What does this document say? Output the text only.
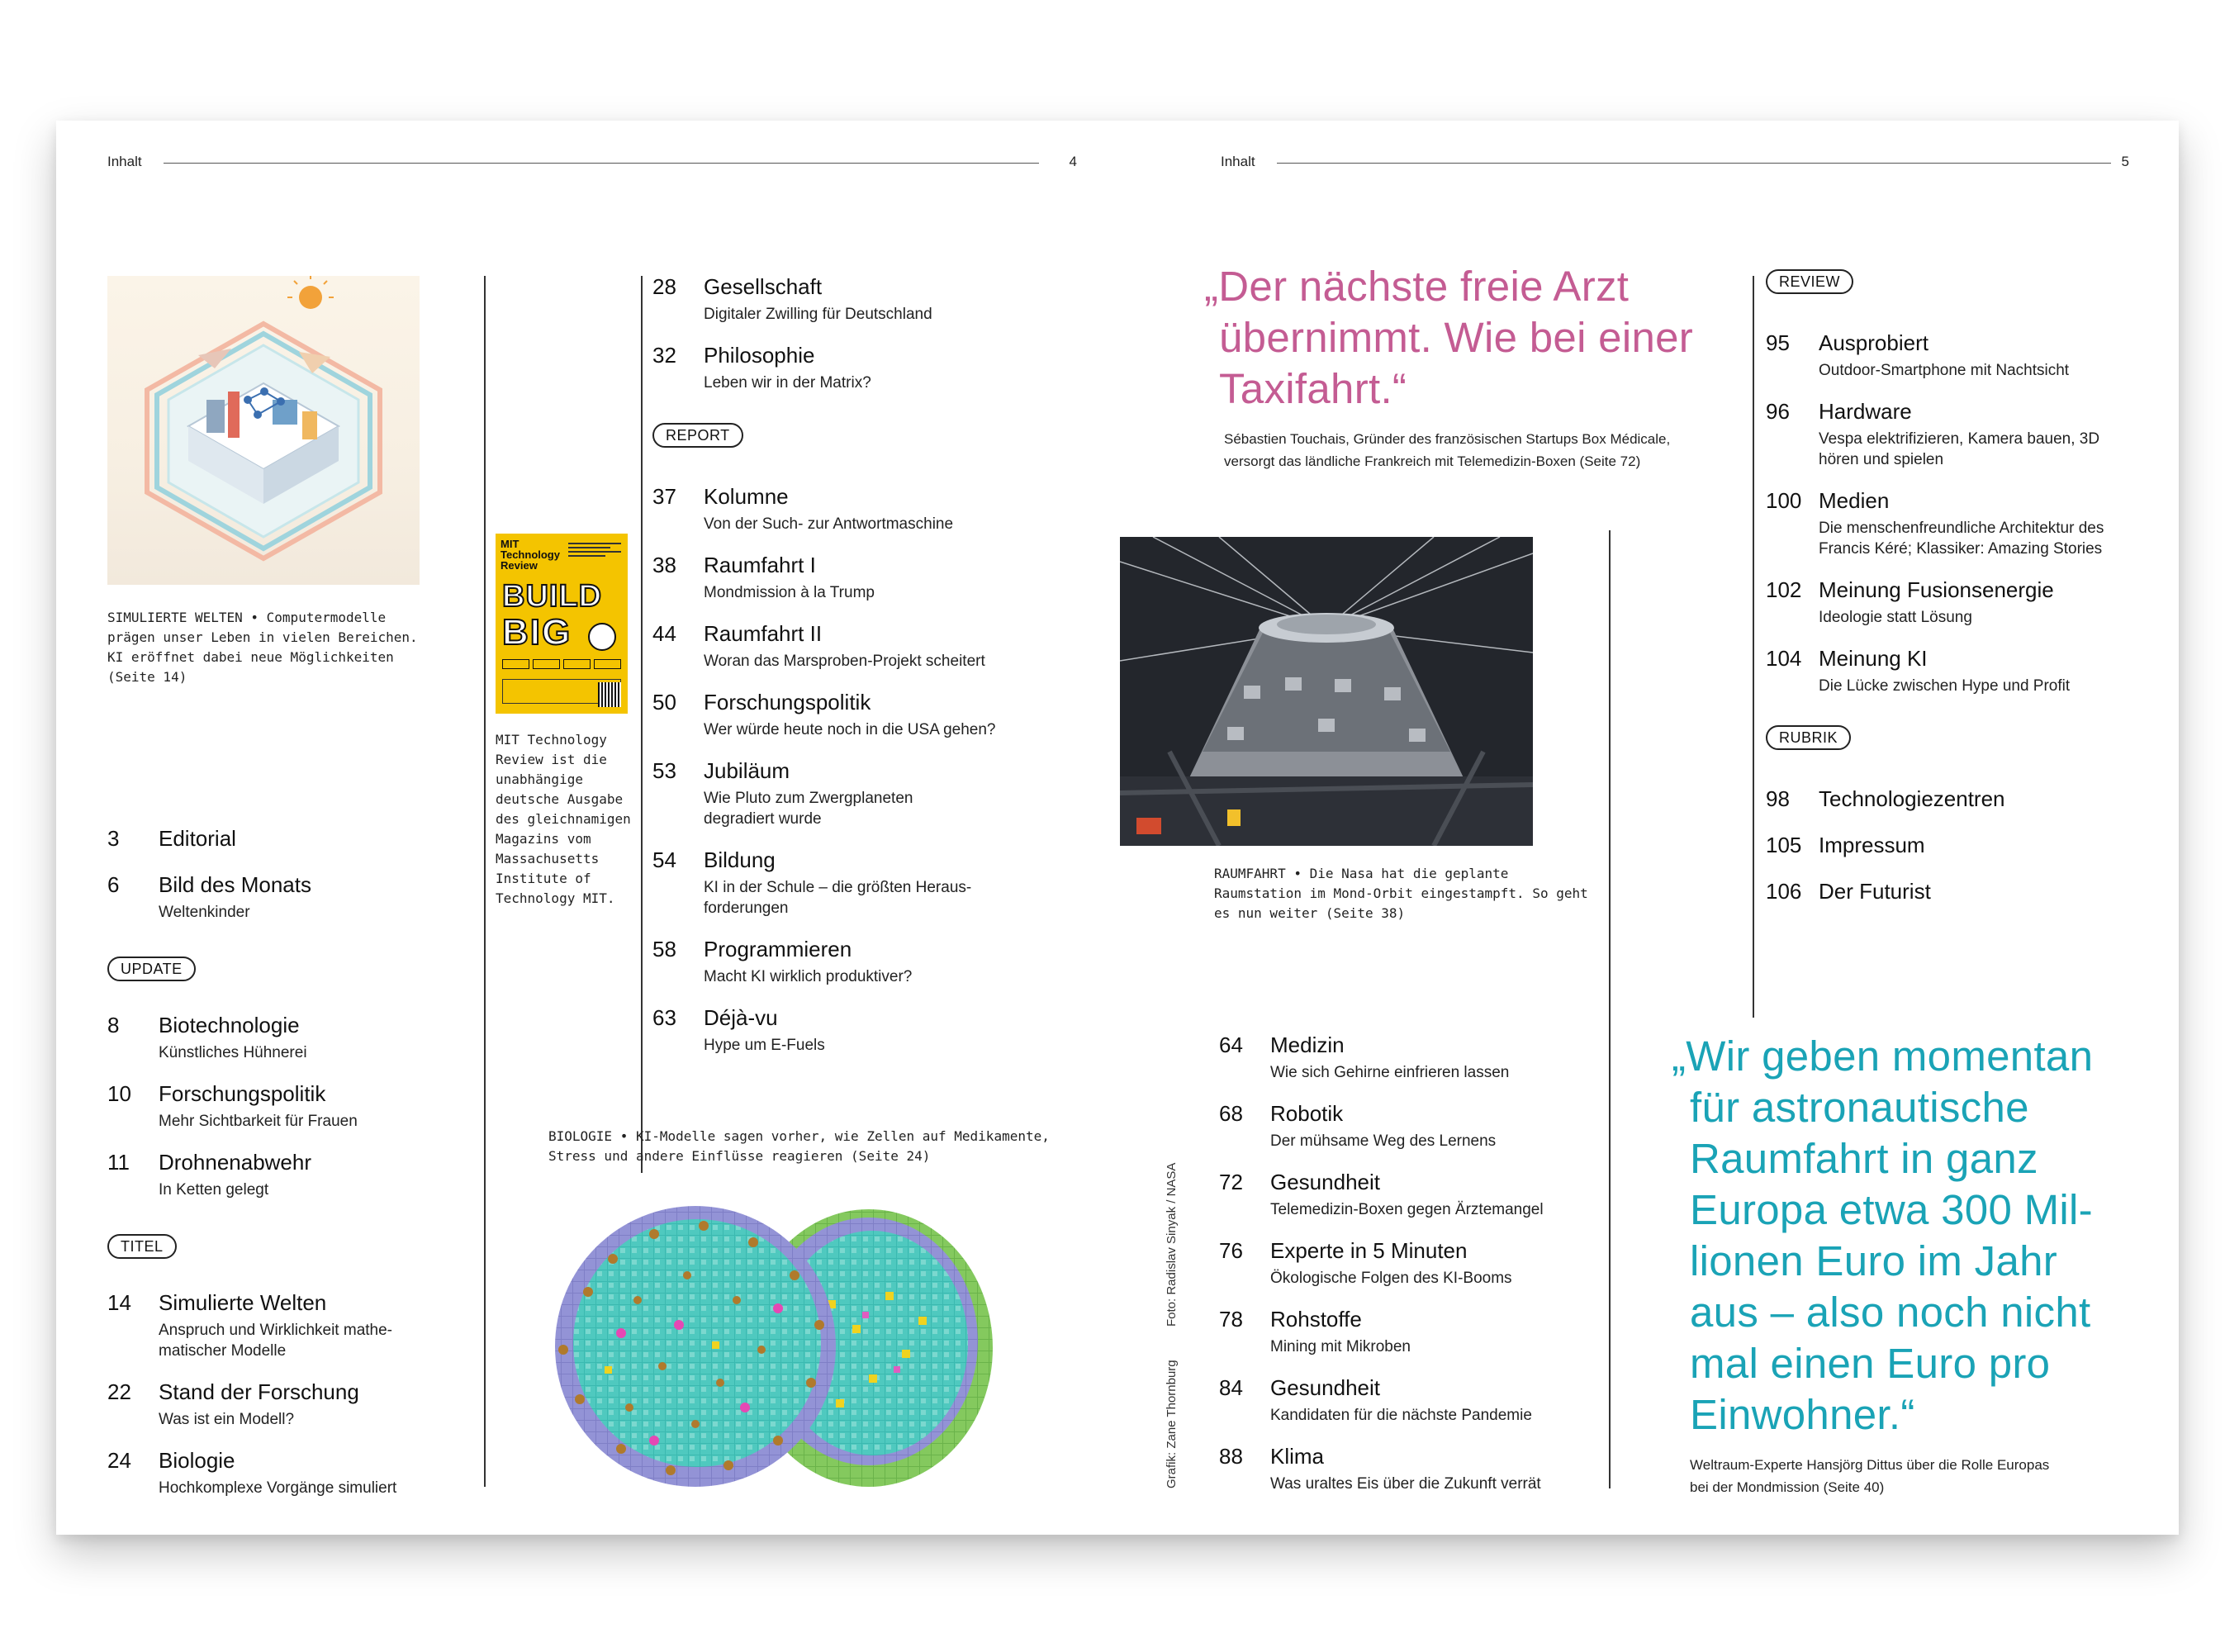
Inhalt	4	Inhalt	5
SIMULIERTE WELTEN • Computermodelle prägen unser Leben in vielen Bereichen. KI eröffnet dabei neue Möglichkeiten (Seite 14)
MIT Technology Review
BUILD
BIG
MIT Technology Review ist die unabhängige deutsche Ausgabe des gleichnamigen Magazins vom Massachusetts Institute of Technology MIT.
3 Editorial
6 Bild des Monats
Weltenkinder
UPDATE
8 Biotechnologie
Künstliches Hühnerei
10 Forschungspolitik
Mehr Sichtbarkeit für Frauen
11 Drohnenabwehr
In Ketten gelegt
TITEL
14 Simulierte Welten
Anspruch und Wirklichkeit mathe-matischer Modelle
22 Stand der Forschung
Was ist ein Modell?
24 Biologie
Hochkomplexe Vorgänge simuliert
28 Gesellschaft
Digitaler Zwilling für Deutschland
32 Philosophie
Leben wir in der Matrix?
REPORT
37 Kolumne
Von der Such- zur Antwortmaschine
38 Raumfahrt I
Mondmission à la Trump
44 Raumfahrt II
Woran das Marsproben-Projekt scheitert
50 Forschungspolitik
Wer würde heute noch in die USA gehen?
53 Jubiläum
Wie Pluto zum Zwergplaneten degradiert wurde
54 Bildung
KI in der Schule – die größten Heraus-forderungen
58 Programmieren
Macht KI wirklich produktiver?
63 Déjà-vu
Hype um E-Fuels
BIOLOGIE • KI-Modelle sagen vorher, wie Zellen auf Medikamente, Stress und andere Einflüsse reagieren (Seite 24)
„Der nächste freie Arzt
übernimmt. Wie bei einer
Taxifahrt.“
Sébastien Touchais, Gründer des französischen Startups Box Médicale,
versorgt das ländliche Frankreich mit Telemedizin-Boxen (Seite 72)
RAUMFAHRT • Die Nasa hat die geplante Raumstation im Mond-Orbit eingestampft. So geht es nun weiter (Seite 38)
Foto: Radislav Sinyak / NASA
Grafik: Zane Thornburg
64 Medizin
Wie sich Gehirne einfrieren lassen
68 Robotik
Der mühsame Weg des Lernens
72 Gesundheit
Telemedizin-Boxen gegen Ärztemangel
76 Experte in 5 Minuten
Ökologische Folgen des KI-Booms
78 Rohstoffe
Mining mit Mikroben
84 Gesundheit
Kandidaten für die nächste Pandemie
88 Klima
Was uraltes Eis über die Zukunft verrät
REVIEW
95 Ausprobiert
Outdoor-Smartphone mit Nachtsicht
96 Hardware
Vespa elektrifizieren, Kamera bauen, 3D hören und spielen
100 Medien
Die menschenfreundliche Architektur des Francis Kéré; Klassiker: Amazing Stories
102 Meinung Fusionsenergie
Ideologie statt Lösung
104 Meinung KI
Die Lücke zwischen Hype und Profit
RUBRIK
98 Technologiezentren
105 Impressum
106 Der Futurist
„Wir geben momentan
für astronautische
Raumfahrt in ganz
Europa etwa 300 Mil-
lionen Euro im Jahr
aus – also noch nicht
mal einen Euro pro
Einwohner.“
Weltraum-Experte Hansjörg Dittus über die Rolle Europas
bei der Mondmission (Seite 40)
